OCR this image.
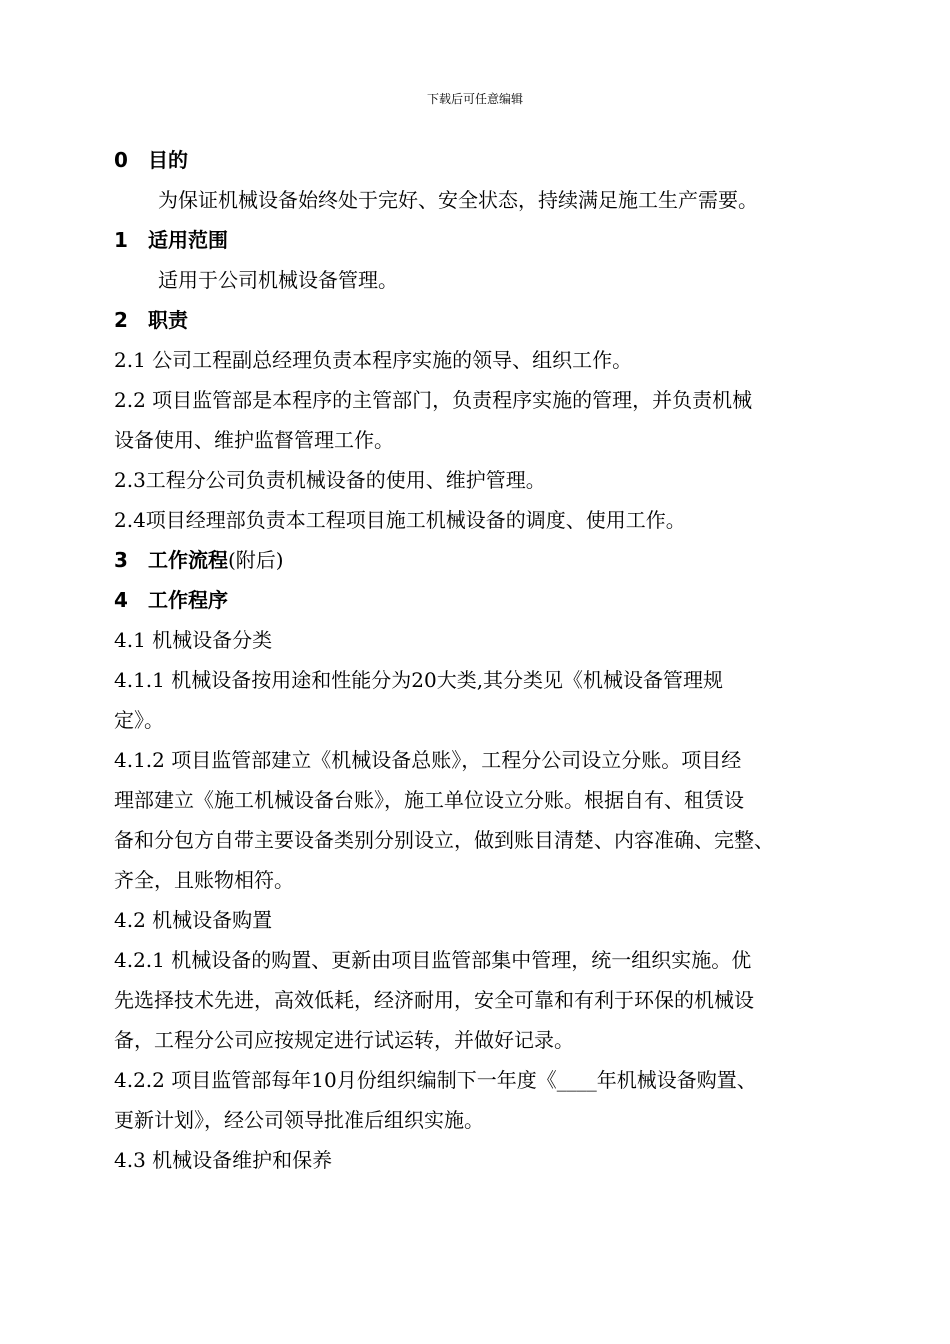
下载后可任意编辑
0 目的
为保证机械设备始终处于完好、安全状态，持续满足施工生产需要。
1 适用范围
适用于公司机械设备管理。
2 职责
2.1 公司工程副总经理负责本程序实施的领导、组织工作。
2.2 项目监管部是本程序的主管部门，负责程序实施的管理，并负责机械
设备使用、维护监督管理工作。
2.3工程分公司负责机械设备的使用、维护管理。
2.4项目经理部负责本工程项目施工机械设备的调度、使用工作。
3 工作流程(附后)
4 工作程序
4.1 机械设备分类
4.1.1 机械设备按用途和性能分为20大类,其分类见《机械设备管理规
定》。
4.1.2 项目监管部建立《机械设备总账》，工程分公司设立分账。项目经
理部建立《施工机械设备台账》，施工单位设立分账。根据自有、租赁设
备和分包方自带主要设备类别分别设立，做到账目清楚、内容准确、完整、
齐全，且账物相符。
4.2 机械设备购置
4.2.1 机械设备的购置、更新由项目监管部集中管理，统一组织实施。优
先选择技术先进，高效低耗，经济耐用，安全可靠和有利于环保的机械设
备，工程分公司应按规定进行试运转，并做好记录。
4.2.2 项目监管部每年10月份组织编制下一年度《____年机械设备购置、
更新计划》，经公司领导批准后组织实施。
4.3 机械设备维护和保养
